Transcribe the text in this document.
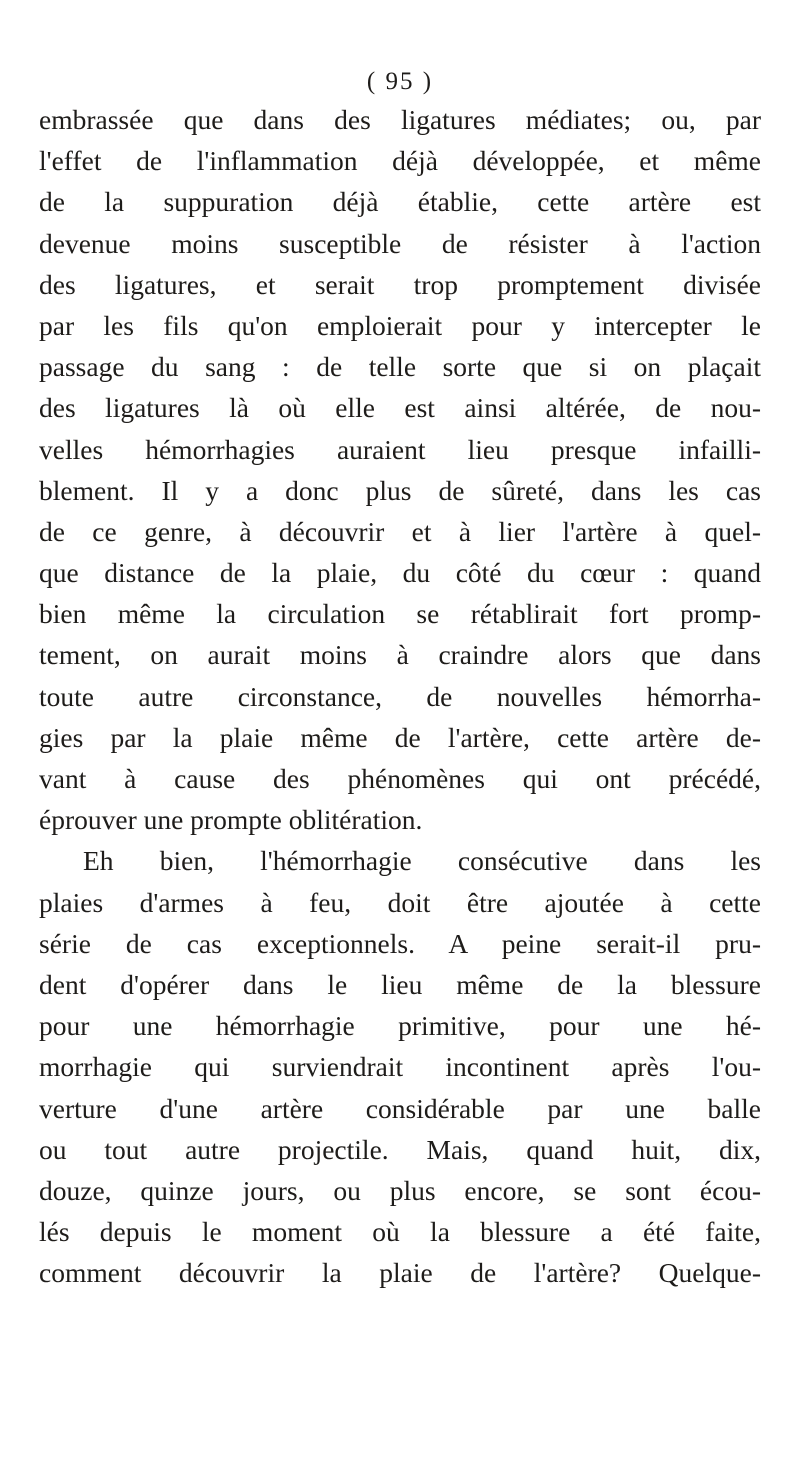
( 95 )
embrassée que dans des ligatures médiates; ou, par
l'effet de l'inflammation déjà développée, et même
de la suppuration déjà établie, cette artère est
devenue moins susceptible de résister à l'action
des ligatures, et serait trop promptement divisée
par les fils qu'on emploierait pour y intercepter le
passage du sang : de telle sorte que si on plaçait
des ligatures là où elle est ainsi altérée, de nou-
velles hémorrhagies auraient lieu presque infailli-
blement. Il y a donc plus de sûreté, dans les cas
de ce genre, à découvrir et à lier l'artère à quel-
que distance de la plaie, du côté du cœur : quand
bien même la circulation se rétablirait fort promp-
tement, on aurait moins à craindre alors que dans
toute autre circonstance, de nouvelles hémorrha-
gies par la plaie même de l'artère, cette artère de-
vant à cause des phénomènes qui ont précédé,
éprouver une prompte oblitération.
Eh bien, l'hémorrhagie consécutive dans les
plaies d'armes à feu, doit être ajoutée à cette
série de cas exceptionnels. A peine serait-il pru-
dent d'opérer dans le lieu même de la blessure
pour une hémorrhagie primitive, pour une hé-
morrhagie qui surviendrait incontinent après l'ou-
verture d'une artère considérable par une balle
ou tout autre projectile. Mais, quand huit, dix,
douze, quinze jours, ou plus encore, se sont écou-
lés depuis le moment où la blessure a été faite,
comment découvrir la plaie de l'artère? Quelque-
